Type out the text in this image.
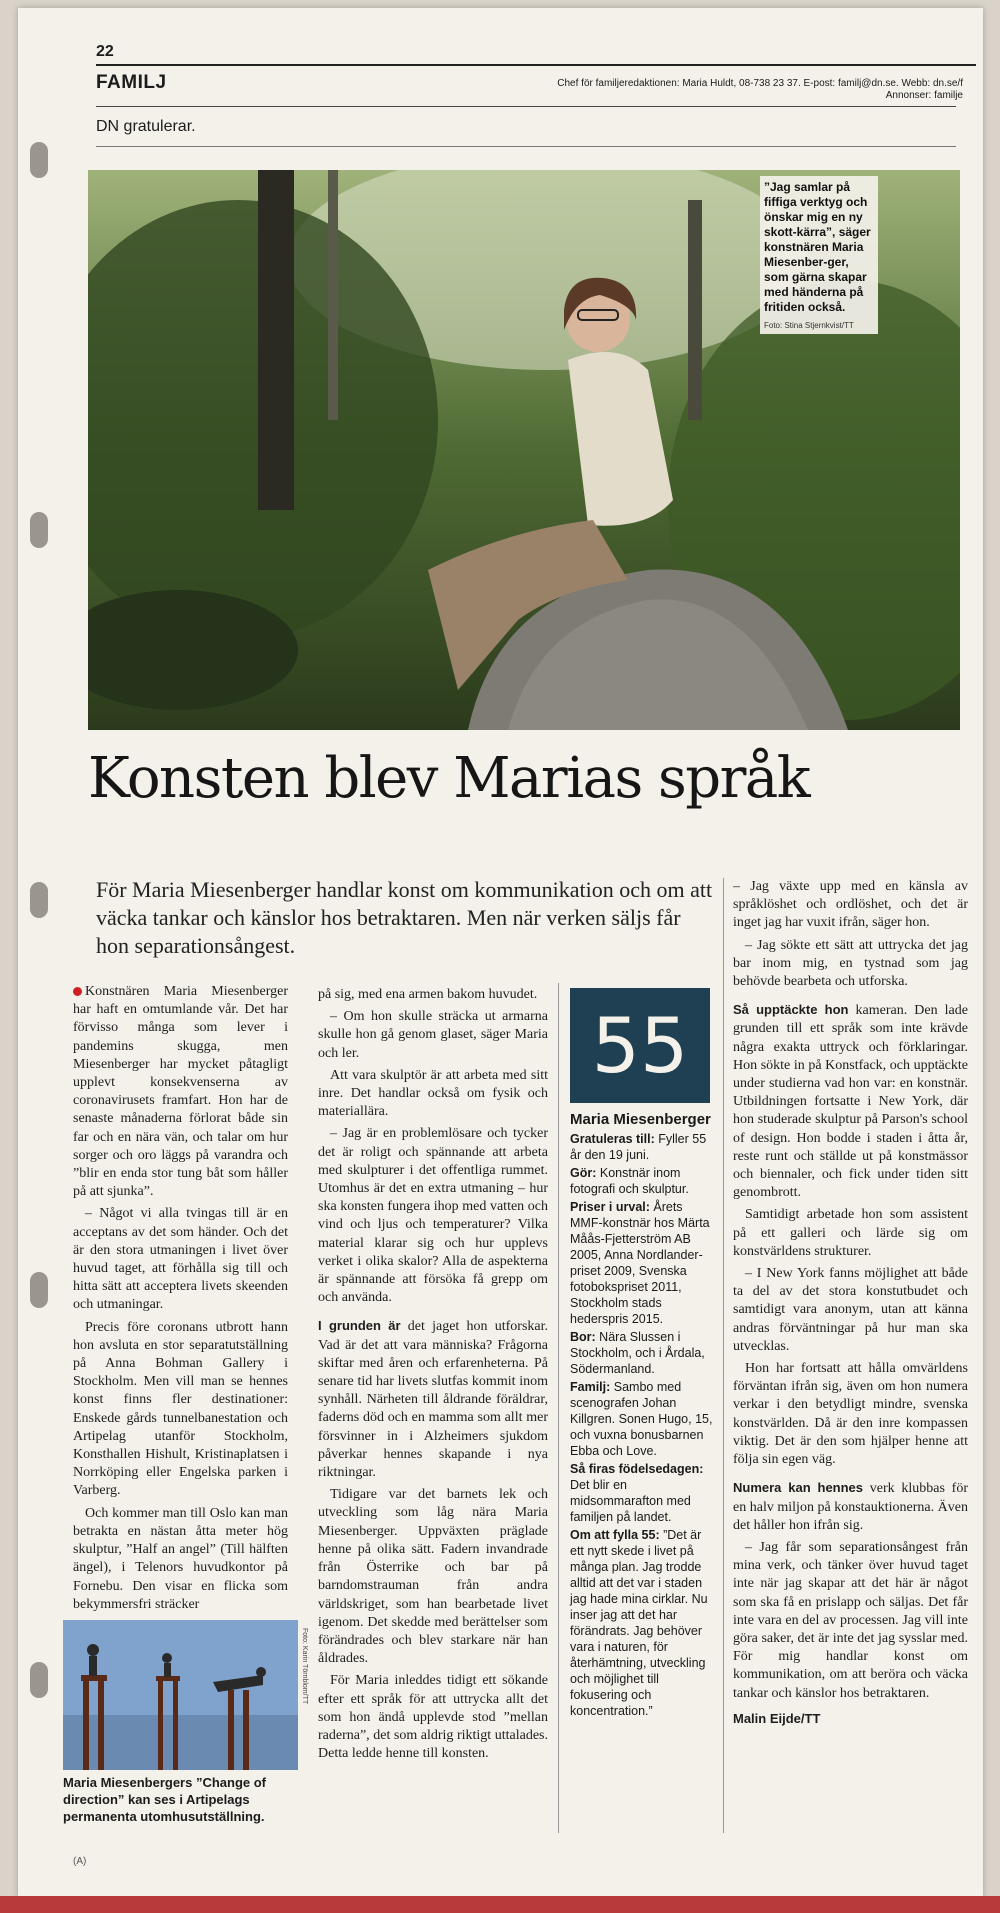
22
FAMILJ	Chef för familjeredaktionen: Maria Huldt, 08-738 23 37. E-post: familj@dn.se. Webb: dn.se/f
Annonser: familje
DN gratulerar.
”Jag samlar på fiffiga verktyg och önskar mig en ny skott-kärra”, säger konstnären Maria Miesenber-ger, som gärna skapar med händerna på fritiden också.
Foto: Stina Stjernkvist/TT
Konsten blev Marias språk
För Maria Miesenberger handlar konst om kommunikation och om att väcka tankar och känslor hos betraktaren. Men när verken säljs får hon separationsångest.

Konstnären Maria Miesenberger har haft en omtumlande vår. Det har förvisso många som lever i pandemins skugga, men Miesenberger har mycket påtagligt upplevt konsekvenserna av coronavirusets framfart. Hon har de senaste månaderna förlorat både sin far och en nära vän, och talar om hur sorger och oro läggs på varandra och ”blir en enda stor tung båt som håller på att sjunka”.

– Något vi alla tvingas till är en acceptans av det som händer. Och det är den stora utmaningen i livet över huvud taget, att förhålla sig till och hitta sätt att acceptera livets skeenden och utmaningar.

Precis före coronans utbrott hann hon avsluta en stor separatutställning på Anna Bohman Gallery i Stockholm. Men vill man se hennes konst finns fler destinationer: Enskede gårds tunnelbanestation och Artipelag utanför Stockholm, Konsthallen Hishult, Kristinaplatsen i Norrköping eller Engelska parken i Varberg.

Och kommer man till Oslo kan man betrakta en nästan åtta meter hög skulptur, ”Half an angel” (Till hälften ängel), i Telenors huvudkontor på Fornebu. Den visar en flicka som bekymmersfri sträcker

Foto: Karin Törnblom/TT
Maria Miesenbergers ”Change of direction” kan ses i Artipelags permanenta utomhusutställning.

på sig, med ena armen bakom huvudet.

– Om hon skulle sträcka ut armarna skulle hon gå genom glaset, säger Maria och ler.

Att vara skulptör är att arbeta med sitt inre. Det handlar också om fysik och materiallära.

– Jag är en problemlösare och tycker det är roligt och spännande att arbeta med skulpturer i det offentliga rummet. Utomhus är det en extra utmaning – hur ska konsten fungera ihop med vatten och vind och ljus och temperaturer? Vilka material klarar sig och hur upplevs verket i olika skalor? Alla de aspekterna är spännande att försöka få grepp om och använda.

I grunden är det jaget hon utforskar. Vad är det att vara människa? Frågorna skiftar med åren och erfarenheterna. På senare tid har livets slutfas kommit inom synhåll. Närheten till åldrande föräldrar, faderns död och en mamma som allt mer försvinner in i Alzheimers sjukdom påverkar hennes skapande i nya riktningar.

Tidigare var det barnets lek och utveckling som låg nära Maria Miesenberger. Uppväxten präglade henne på olika sätt. Fadern invandrade från Österrike och bar på barndomstrauman från andra världskriget, som han bearbetade livet igenom. Det skedde med berättelser som förändrades och blev starkare när han åldrades.

För Maria inleddes tidigt ett sökande efter ett språk för att uttrycka allt det som hon ändå upplevde stod ”mellan raderna”, det som aldrig riktigt uttalades. Detta ledde henne till konsten.

55
Maria Miesenberger

Gratuleras till: Fyller 55 år den 19 juni.

Gör: Konstnär inom fotografi och skulptur.

Priser i urval: Årets MMF-konstnär hos Märta Måås-Fjetterström AB 2005, Anna Nordlander-priset 2009, Svenska fotobokspriset 2011, Stockholm stads hederspris 2015.

Bor: Nära Slussen i Stockholm, och i Årdala, Södermanland.

Familj: Sambo med scenografen Johan Killgren. Sonen Hugo, 15, och vuxna bonusbarnen Ebba och Love.

Så firas födelsedagen: Det blir en midsommarafton med familjen på landet.

Om att fylla 55: ”Det är ett nytt skede i livet på många plan. Jag trodde alltid att det var i staden jag hade mina cirklar. Nu inser jag att det har förändrats. Jag behöver vara i naturen, för återhämtning, utveckling och möjlighet till fokusering och koncentration.”

– Jag växte upp med en känsla av språklöshet och ordlöshet, och det är inget jag har vuxit ifrån, säger hon.

– Jag sökte ett sätt att uttrycka det jag bar inom mig, en tystnad som jag behövde bearbeta och utforska.

Så upptäckte hon kameran. Den lade grunden till ett språk som inte krävde några exakta uttryck och förklaringar. Hon sökte in på Konstfack, och upptäckte under studierna vad hon var: en konstnär. Utbildningen fortsatte i New York, där hon studerade skulptur på Parson's school of design. Hon bodde i staden i åtta år, reste runt och ställde ut på konstmässor och biennaler, och fick under tiden sitt genombrott.

Samtidigt arbetade hon som assistent på ett galleri och lärde sig om konstvärldens strukturer.

– I New York fanns möjlighet att både ta del av det stora konstutbudet och samtidigt vara anonym, utan att känna andras förväntningar på hur man ska utvecklas.

Hon har fortsatt att hålla omvärldens förväntan ifrån sig, även om hon numera verkar i den betydligt mindre, svenska konstvärlden. Då är den inre kompassen viktig. Det är den som hjälper henne att följa sin egen väg.

Numera kan hennes verk klubbas för en halv miljon på konstauktionerna. Även det håller hon ifrån sig.

– Jag får som separationsångest från mina verk, och tänker över huvud taget inte när jag skapar att det här är något som ska få en prislapp och säljas. Det får inte vara en del av processen. Jag vill inte göra saker, det är inte det jag sysslar med. För mig handlar konst om kommunikation, om att beröra och väcka tankar och känslor hos betraktaren.

Malin Eijde/TT

(A)
